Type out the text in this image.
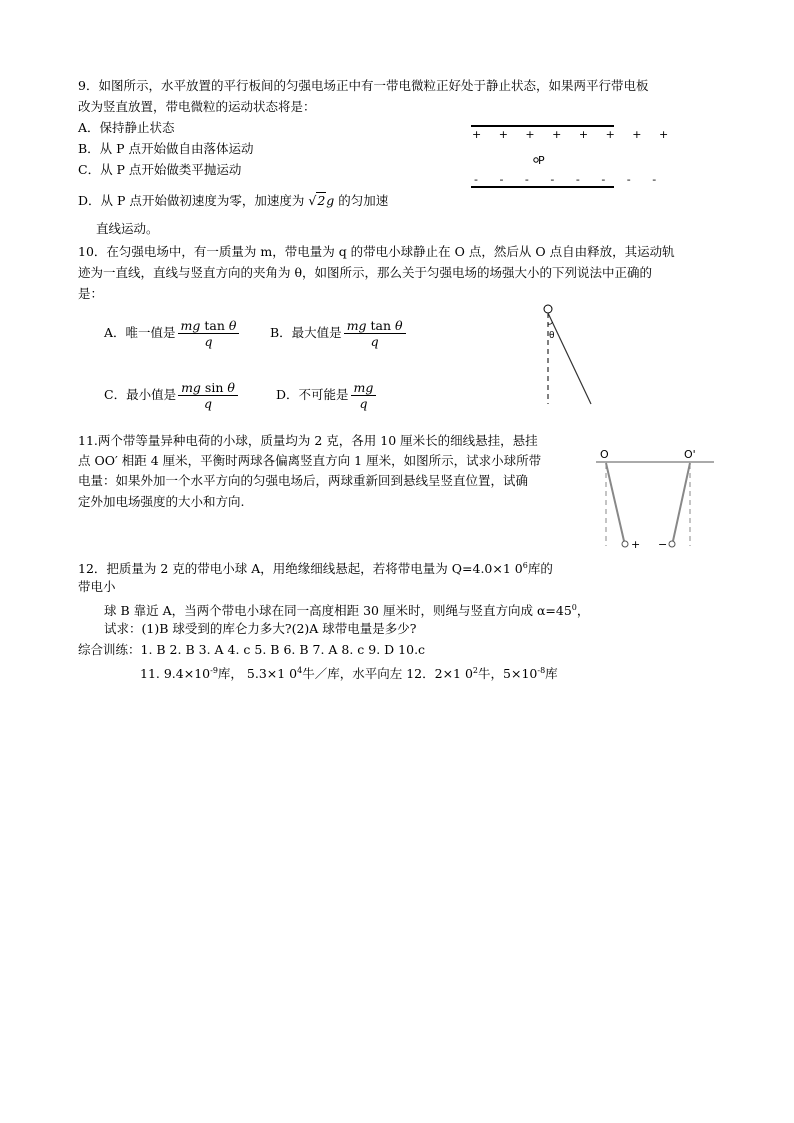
9．如图所示，水平放置的平行板间的匀强电场正中有一带电微粒正好处于静止状态，如果两平行带电板
改为竖直放置，带电微粒的运动状态将是：
A．保持静止状态
B．从 P 点开始做自由落体运动
C．从 P 点开始做类平抛运动
D．从 P 点开始做初速度为零，加速度为 √2g 的匀加速
直线运动。
+ + + + + + + +
P
- - - - - - - -
10．在匀强电场中，有一质量为 m，带电量为 q 的带电小球静止在 O 点，然后从 O 点自由释放，其运动轨
迹为一直线，直线与竖直方向的夹角为 θ，如图所示，那么关于匀强电场的场强大小的下列说法中正确的
是：
A．唯一值是 $\frac{\text{mg tan θ}}{q}$ B．最大值是 $\frac{\text{mg tan θ}}{q}$
C．最小值是 $\frac{\text{mg sin θ}}{q}$	D．不可能是 $\frac{mg}{q}$
θ
11.两个带等量异种电荷的小球，质量均为 2 克，各用 10 厘米长的细线悬挂，悬挂
点 OO′ 相距 4 厘米，平衡时两球各偏离竖直方向 1 厘米，如图所示，试求小球所带
电量：如果外加一个水平方向的匀强电场后，两球重新回到悬线呈竖直位置，试确
定外加电场强度的大小和方向.
O	O'
+ −
12．把质量为 2 克的带电小球 A，用绝缘细线悬起，若将带电量为 Q=4.0×1 $0^6$库的
带电小
球 B 靠近 A，当两个带电小球在同一高度相距 30 厘米时，则绳与竖直方向成 $\alpha=45^0$，
试求：(1)B 球受到的库仑力多大?(2)A 球带电量是多少?
综合训练：1. B 2. B 3. A 4. c 5. B 6. B 7. A 8. c 9. D 10.c
11. $9.4\times 10^{-9}$库， 5.3×1 $0^4$牛／库，水平向左 12．2×1 $0^2$牛，$5\times 10^{-8}$库
